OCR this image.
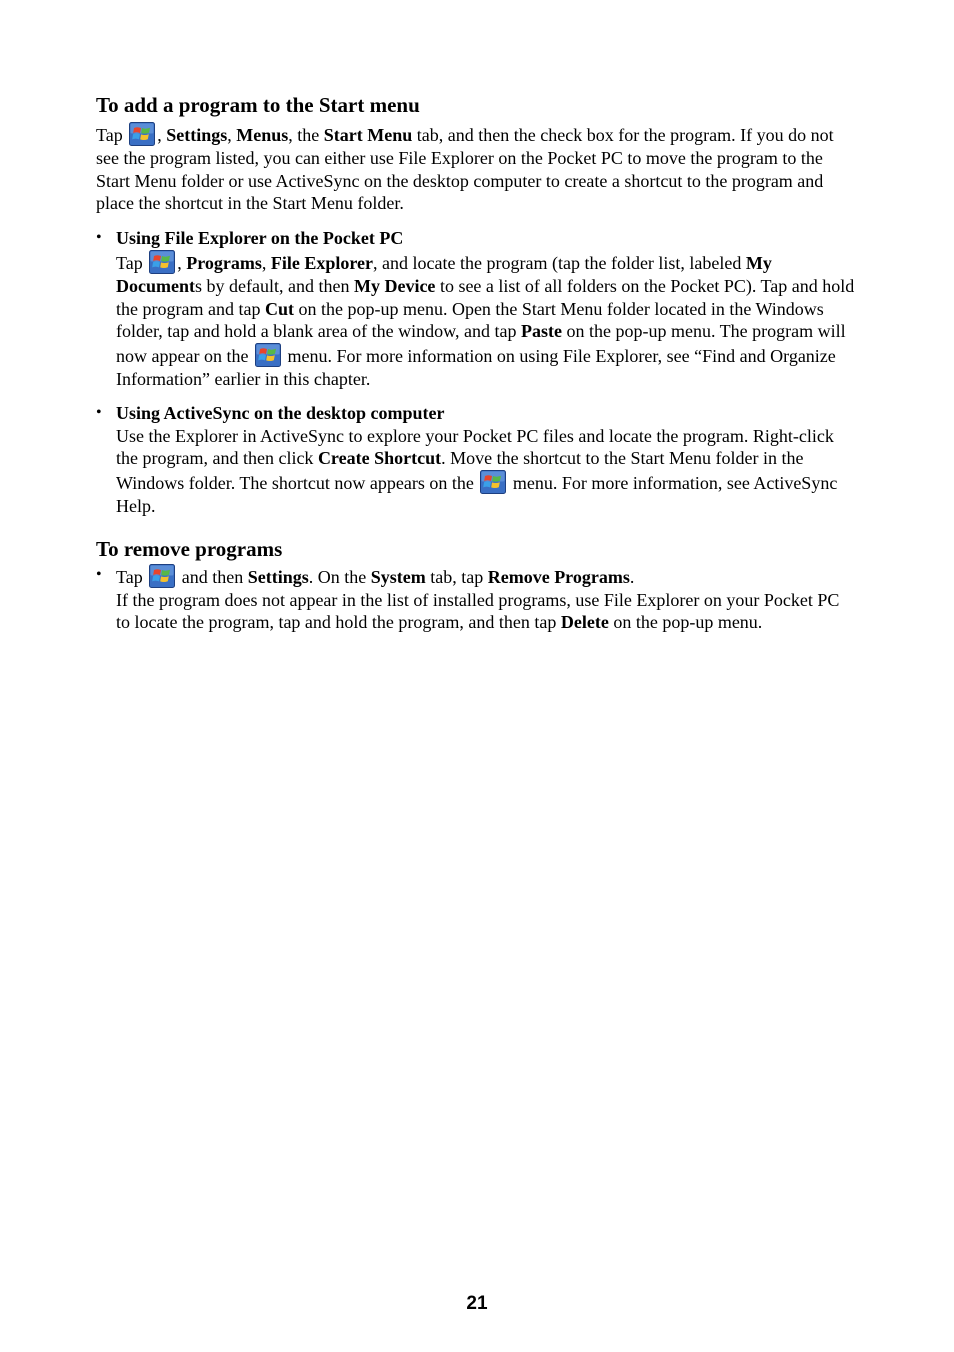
To add a program to the Start menu

Tap , Settings, Menus, the Start Menu tab, and then the check box for the program. If you do not see the program listed, you can either use File Explorer on the Pocket PC to move the program to the Start Menu folder or use ActiveSync on the desktop computer to create a shortcut to the program and place the shortcut in the Start Menu folder.

• Using File Explorer on the Pocket PC
Tap , Programs, File Explorer, and locate the program (tap the folder list, labeled My Documents by default, and then My Device to see a list of all folders on the Pocket PC). Tap and hold the program and tap Cut on the pop-up menu. Open the Start Menu folder located in the Windows folder, tap and hold a blank area of the window, and tap Paste on the pop-up menu. The program will now appear on the  menu. For more information on using File Explorer, see “Find and Organize Information” earlier in this chapter.
• Using ActiveSync on the desktop computer
Use the Explorer in ActiveSync to explore your Pocket PC files and locate the program. Right-click the program, and then click Create Shortcut. Move the shortcut to the Start Menu folder in the Windows folder. The shortcut now appears on the  menu. For more information, see ActiveSync Help.
To remove programs
• Tap  and then Settings. On the System tab, tap Remove Programs.
If the program does not appear in the list of installed programs, use File Explorer on your Pocket PC to locate the program, tap and hold the program, and then tap Delete on the pop-up menu.
21
